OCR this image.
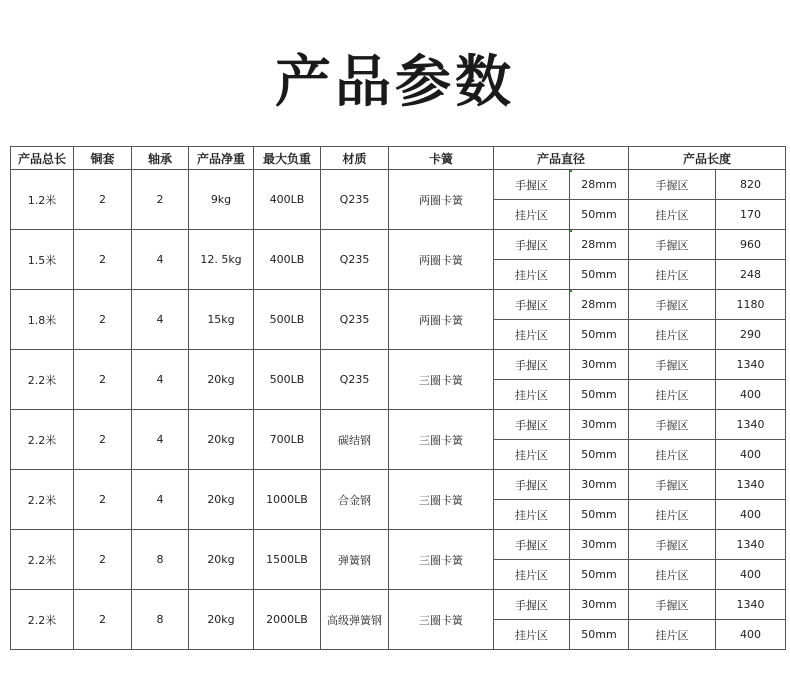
产品参数
产品总长	铜套	轴承	产品净重	最大负重	材质	卡簧	产品直径		产品长度	
1.2米	2	2	9kg	400LB	Q235	两圈卡簧	手握区	28mm	手握区	820
							挂片区	50mm	挂片区	170
1.5米	2	4	12. 5kg	400LB	Q235	两圈卡簧	手握区	28mm	手握区	960
							挂片区	50mm	挂片区	248
1.8米	2	4	15kg	500LB	Q235	两圈卡簧	手握区	28mm	手握区	1180
							挂片区	50mm	挂片区	290
2.2米	2	4	20kg	500LB	Q235	三圈卡簧	手握区	30mm	手握区	1340
							挂片区	50mm	挂片区	400
2.2米	2	4	20kg	700LB	碳结钢	三圈卡簧	手握区	30mm	手握区	1340
							挂片区	50mm	挂片区	400
2.2米	2	4	20kg	1000LB	合金钢	三圈卡簧	手握区	30mm	手握区	1340
							挂片区	50mm	挂片区	400
2.2米	2	8	20kg	1500LB	弹簧钢	三圈卡簧	手握区	30mm	手握区	1340
							挂片区	50mm	挂片区	400
2.2米	2	8	20kg	2000LB	高级弹簧钢	三圈卡簧	手握区	30mm	手握区	1340
							挂片区	50mm	挂片区	400
